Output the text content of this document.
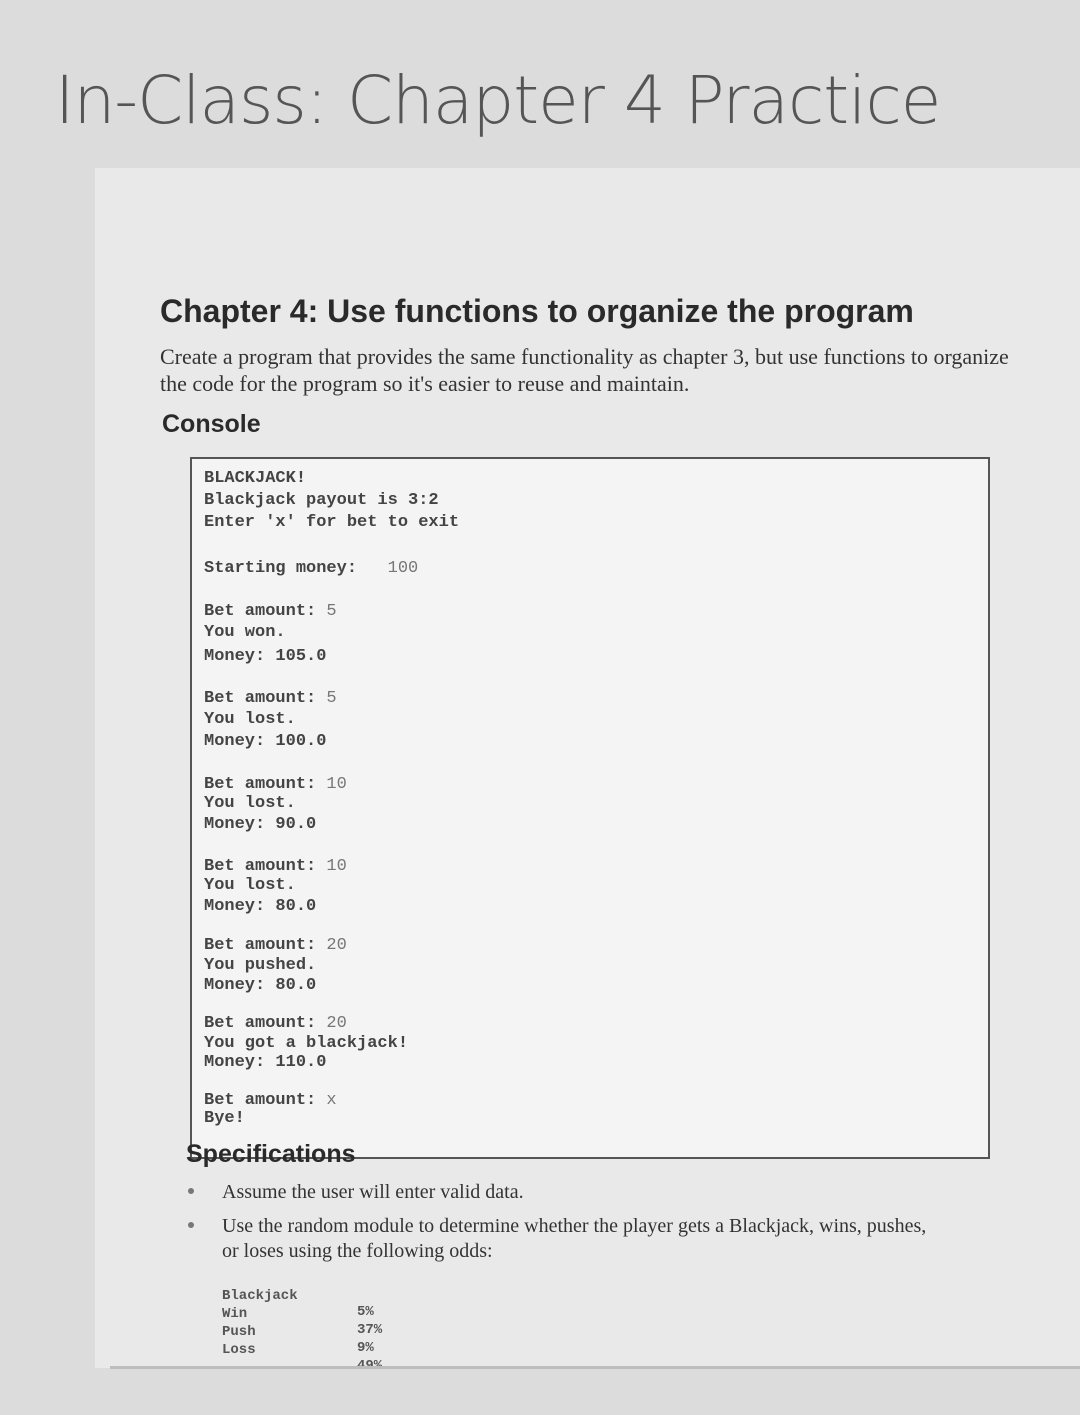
In-Class: Chapter 4 Practice
Chapter 4: Use functions to organize the program
Create a program that provides the same functionality as chapter 3, but use functions to organize the code for the program so it's easier to reuse and maintain.
Console
BLACKJACK!
Blackjack payout is 3:2
Enter 'x' for bet to exit
Starting money: 100
Bet amount: 5
You won.
Money: 105.0
Bet amount: 5
You lost.
Money: 100.0
Bet amount: 10
You lost.
Money: 90.0
Bet amount: 10
You lost.
Money: 80.0
Bet amount: 20
You pushed.
Money: 80.0
Bet amount: 20
You got a blackjack!
Money: 110.0
Bet amount: x
Bye!
Specifications
Assume the user will enter valid data.
Use the random module to determine whether the player gets a Blackjack, wins, pushes, or loses using the following odds:

Blackjack

5%

Win

37%

Push

9%

Loss
